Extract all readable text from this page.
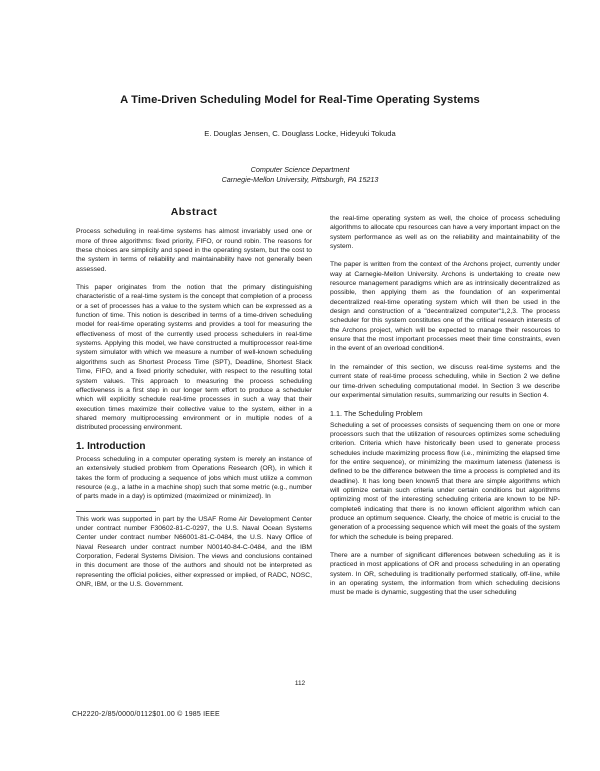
A Time-Driven Scheduling Model for Real-Time Operating Systems
E. Douglas Jensen, C. Douglass Locke, Hideyuki Tokuda
Computer Science Department
Carnegie-Mellon University, Pittsburgh, PA 15213
Abstract

Process scheduling in real-time systems has almost invariably used one or more of three algorithms: fixed priority, FIFO, or round robin. The reasons for these choices are simplicity and speed in the operating system, but the cost to the system in terms of reliability and maintainability have not generally been assessed.

This paper originates from the notion that the primary distinguishing characteristic of a real-time system is the concept that completion of a process or a set of processes has a value to the system which can be expressed as a function of time. This notion is described in terms of a time-driven scheduling model for real-time operating systems and provides a tool for measuring the effectiveness of most of the currently used process schedulers in real-time systems. Applying this model, we have constructed a multiprocessor real-time system simulator with which we measure a number of well-known scheduling algorithms such as Shortest Process Time (SPT), Deadline, Shortest Slack Time, FIFO, and a fixed priority scheduler, with respect to the resulting total system values. This approach to measuring the process scheduling effectiveness is a first step in our longer term effort to produce a scheduler which will explicitly schedule real-time processes in such a way that their execution times maximize their collective value to the system, either in a shared memory multiprocessing environment or in multiple nodes of a distributed processing environment.

1. Introduction

Process scheduling in a computer operating system is merely an instance of an extensively studied problem from Operations Research (OR), in which it takes the form of producing a sequence of jobs which must utilize a common resource (e.g., a lathe in a machine shop) such that some metric (e.g., number of parts made in a day) is optimized (maximized or minimized). In

This work was supported in part by the USAF Rome Air Development Center under contract number F30602-81-C-0297, the U.S. Naval Ocean Systems Center under contract number N66001-81-C-0484, the U.S. Navy Office of Naval Research under contract number N00140-84-C-0484, and the IBM Corporation, Federal Systems Division. The views and conclusions contained in this document are those of the authors and should not be interpreted as representing the official policies, either expressed or implied, of RADC, NOSC, ONR, IBM, or the U.S. Government.

the real-time operating system as well, the choice of process scheduling algorithms to allocate cpu resources can have a very important impact on the system performance as well as on the reliability and maintainability of the system.

The paper is written from the context of the Archons project, currently under way at Carnegie-Mellon University. Archons is undertaking to create new resource management paradigms which are as intrinsically decentralized as possible, then applying them as the foundation of an experimental decentralized real-time operating system which will then be used in the design and construction of a "decentralized computer"1,2,3. The process scheduler for this system constitutes one of the critical research interests of the Archons project, which will be expected to manage their resources to ensure that the most important processes meet their time constraints, even in the event of an overload condition4.

In the remainder of this section, we discuss real-time systems and the current state of real-time process scheduling, while in Section 2 we define our time-driven scheduling computational model. In Section 3 we describe our experimental simulation results, summarizing our results in Section 4.

1.1. The Scheduling Problem

Scheduling a set of processes consists of sequencing them on one or more processors such that the utilization of resources optimizes some scheduling criterion. Criteria which have historically been used to generate process schedules include maximizing process flow (i.e., minimizing the elapsed time for the entire sequence), or minimizing the maximum lateness (lateness is defined to be the difference between the time a process is completed and its deadline). It has long been known5 that there are simple algorithms which will optimize certain such criteria under certain conditions but algorithms optimizing most of the interesting scheduling criteria are known to be NP-complete6 indicating that there is no known efficient algorithm which can produce an optimum sequence. Clearly, the choice of metric is crucial to the generation of a processing sequence which will meet the goals of the system for which the schedule is being prepared.

There are a number of significant differences between scheduling as it is practiced in most applications of OR and process scheduling in an operating system. In OR, scheduling is traditionally performed statically, off-line, while in an operating system, the information from which scheduling decisions must be made is dynamic, suggesting that the user scheduling

112
CH2220-2/85/0000/0112$01.00 © 1985 IEEE
